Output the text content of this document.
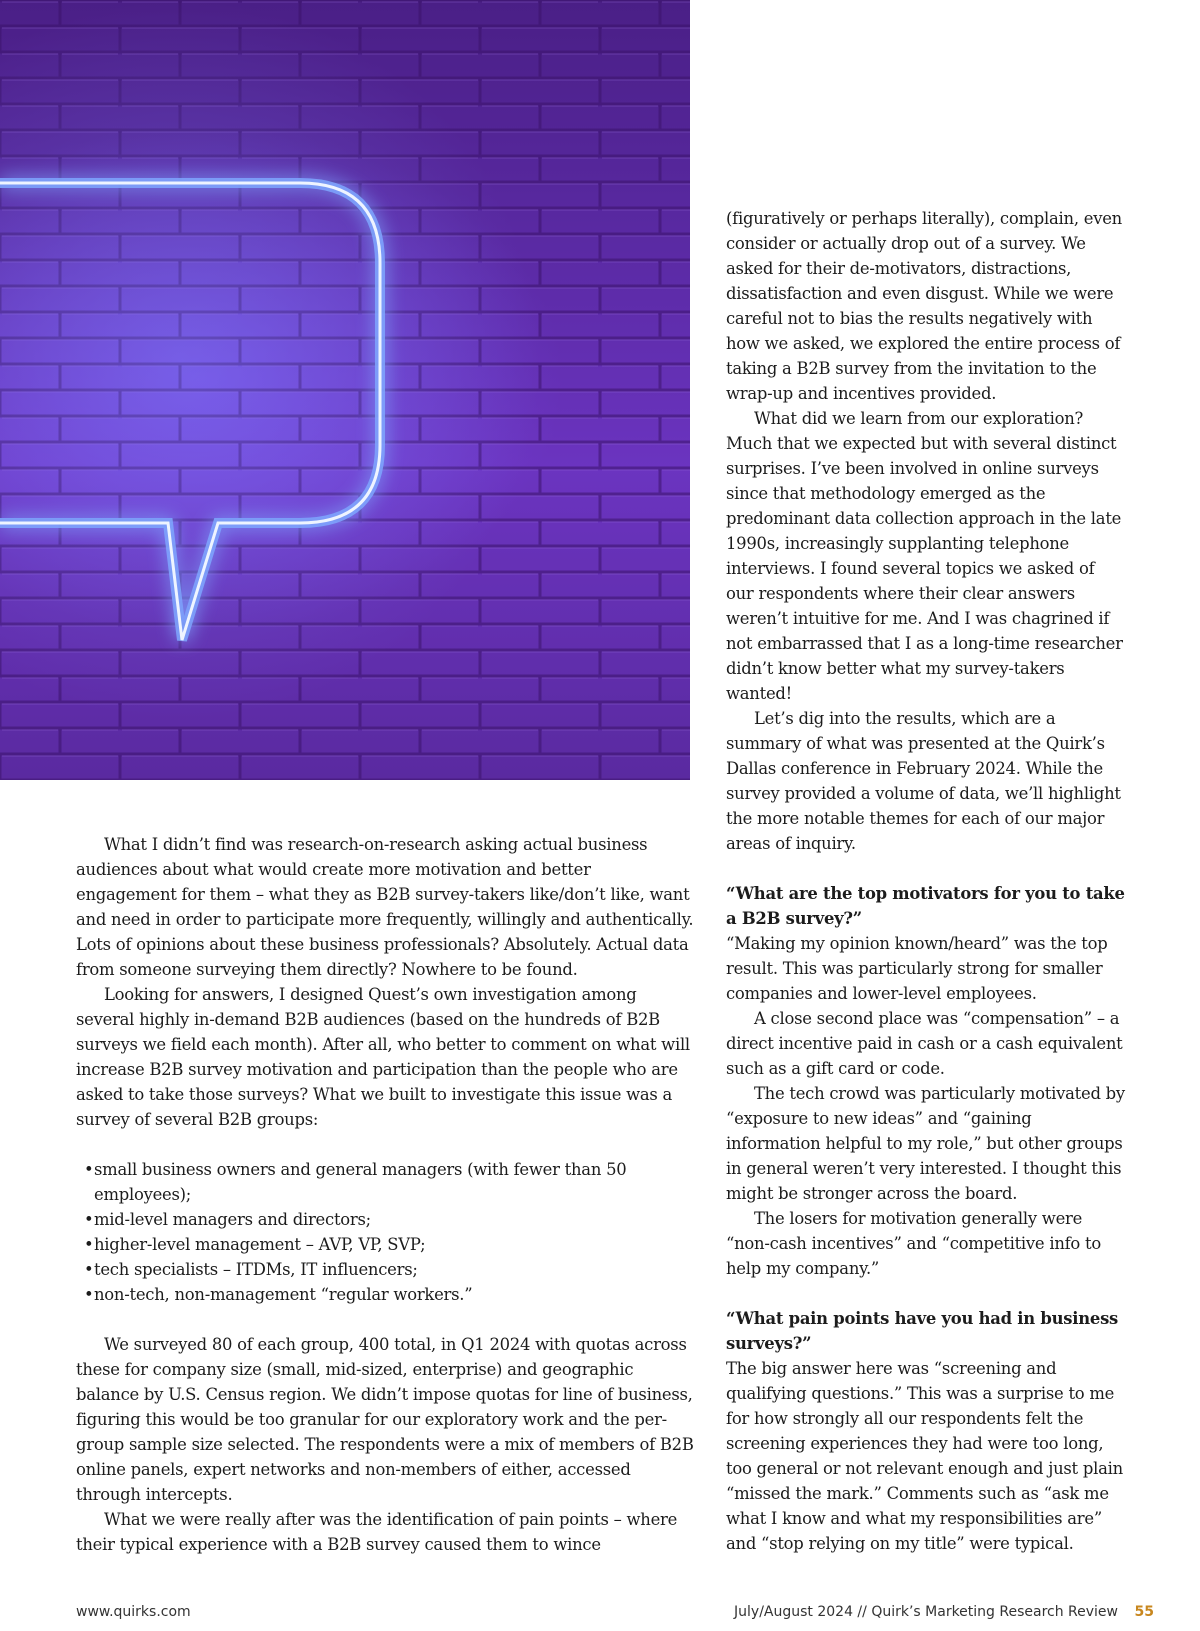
What I didn’t find was research-on-research asking actual business audiences about what would create more motivation and better engagement for them – what they as B2B survey-takers like/don’t like, want and need in order to participate more frequently, willingly and authentically. Lots of opinions about these business professionals? Absolutely. Actual data from someone surveying them directly? Nowhere to be found.

Looking for answers, I designed Quest’s own investigation among several highly in-demand B2B audiences (based on the hundreds of B2B surveys we field each month). After all, who better to comment on what will increase B2B survey motivation and participation than the people who are asked to take those surveys? What we built to investigate this issue was a survey of several B2B groups:

• small business owners and general managers (with fewer than 50 employees);
• mid-level managers and directors;
• higher-level management – AVP, VP, SVP;
• tech specialists – ITDMs, IT influencers;
• non-tech, non-management “regular workers.”

We surveyed 80 of each group, 400 total, in Q1 2024 with quotas across these for company size (small, mid-sized, enterprise) and geographic balance by U.S. Census region. We didn’t impose quotas for line of business, figuring this would be too granular for our exploratory work and the per-group sample size selected. The respondents were a mix of members of B2B online panels, expert networks and non-members of either, accessed through intercepts.

What we were really after was the identification of pain points – where their typical experience with a B2B survey caused them to wince

(figuratively or perhaps literally), complain, even consider or actually drop out of a survey. We asked for their de-motivators, distractions, dissatisfaction and even disgust. While we were careful not to bias the results negatively with how we asked, we explored the entire process of taking a B2B survey from the invitation to the wrap-up and incentives provided.

What did we learn from our exploration? Much that we expected but with several distinct surprises. I’ve been involved in online surveys since that methodology emerged as the predominant data collection approach in the late 1990s, increasingly supplanting telephone interviews. I found several topics we asked of our respondents where their clear answers weren’t intuitive for me. And I was chagrined if not embarrassed that I as a long-time researcher didn’t know better what my survey-takers wanted!

Let’s dig into the results, which are a summary of what was presented at the Quirk’s Dallas conference in February 2024. While the survey provided a volume of data, we’ll highlight the more notable themes for each of our major areas of inquiry.

“What are the top motivators for you to take a B2B survey?”

“Making my opinion known/heard” was the top result. This was particularly strong for smaller companies and lower-level employees.

A close second place was “compensation” – a direct incentive paid in cash or a cash equivalent such as a gift card or code.

The tech crowd was particularly motivated by “exposure to new ideas” and “gaining information helpful to my role,” but other groups in general weren’t very interested. I thought this might be stronger across the board.

The losers for motivation generally were “non-cash incentives” and “competitive info to help my company.”

“What pain points have you had in business surveys?”

The big answer here was “screening and qualifying questions.” This was a surprise to me for how strongly all our respondents felt the screening experiences they had were too long, too general or not relevant enough and just plain “missed the mark.” Comments such as “ask me what I know and what my responsibilities are” and “stop relying on my title” were typical.

www.quirks.com	July/August 2024 // Quirk’s Marketing Research Review 55
